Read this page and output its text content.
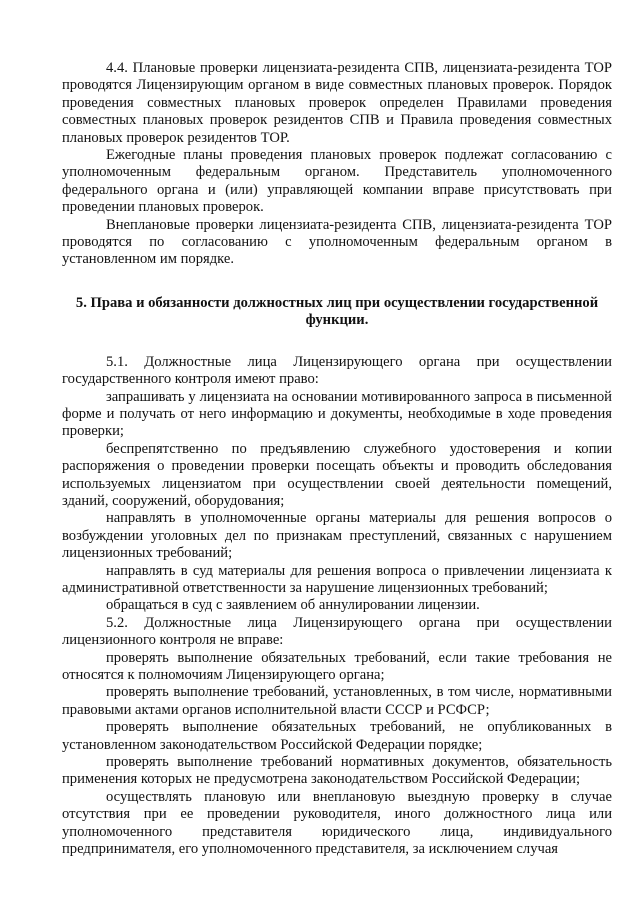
4.4. Плановые проверки лицензиата-резидента СПВ, лицензиата-резидента ТОР проводятся Лицензирующим органом в виде совместных плановых проверок. Порядок проведения совместных плановых проверок определен Правилами проведения совместных плановых проверок резидентов СПВ и Правила проведения совместных плановых проверок резидентов ТОР.

Ежегодные планы проведения плановых проверок подлежат согласованию с уполномоченным федеральным органом. Представитель уполномоченного федерального органа и (или) управляющей компании вправе присутствовать при проведении плановых проверок.

Внеплановые проверки лицензиата-резидента СПВ, лицензиата-резидента ТОР проводятся по согласованию с уполномоченным федеральным органом в установленном им порядке.

5. Права и обязанности должностных лиц при осуществлении государственной функции.

5.1. Должностные лица Лицензирующего органа при осуществлении государственного контроля имеют право:

запрашивать у лицензиата на основании мотивированного запроса в письменной форме и получать от него информацию и документы, необходимые в ходе проведения проверки;

беспрепятственно по предъявлению служебного удостоверения и копии распоряжения о проведении проверки посещать объекты и проводить обследования используемых лицензиатом при осуществлении своей деятельности помещений, зданий, сооружений, оборудования;

направлять в уполномоченные органы материалы для решения вопросов о возбуждении уголовных дел по признакам преступлений, связанных с нарушением лицензионных требований;

направлять в суд материалы для решения вопроса о привлечении лицензиата к административной ответственности за нарушение лицензионных требований;

обращаться в суд с заявлением об аннулировании лицензии.

5.2. Должностные лица Лицензирующего органа при осуществлении лицензионного контроля не вправе:

проверять выполнение обязательных требований, если такие требования не относятся к полномочиям Лицензирующего органа;

проверять выполнение требований, установленных, в том числе, нормативными правовыми актами органов исполнительной власти СССР и РСФСР;

проверять выполнение обязательных требований, не опубликованных в установленном законодательством Российской Федерации порядке;

проверять выполнение требований нормативных документов, обязательность применения которых не предусмотрена законодательством Российской Федерации;

осуществлять плановую или внеплановую выездную проверку в случае отсутствия при ее проведении руководителя, иного должностного лица или уполномоченного представителя юридического лица, индивидуального предпринимателя, его уполномоченного представителя, за исключением случая
